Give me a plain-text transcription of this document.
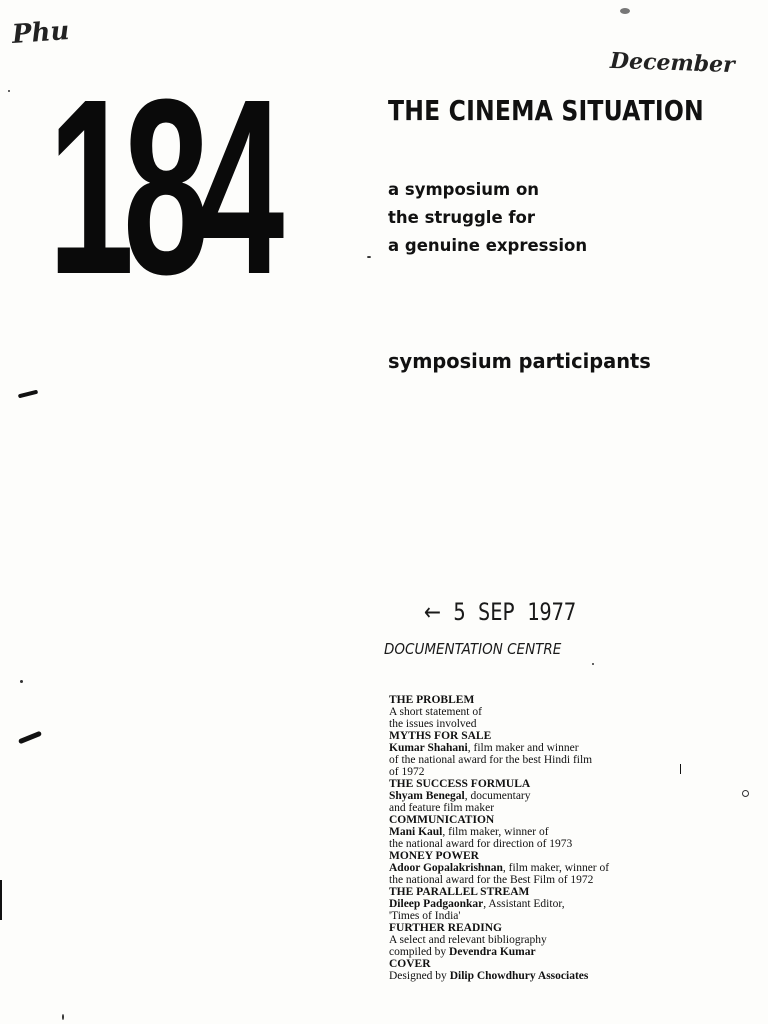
Phu
December
184	THE CINEMA SITUATION
a symposium on
the struggle for
a genuine expression
symposium participants
←  5 SEP 1977
DOCUMENTATION CENTRE
THE PROBLEM
A short statement of
the issues involved
MYTHS FOR SALE
Kumar Shahani, film maker and winner
of the national award for the best Hindi film
of 1972
THE SUCCESS FORMULA
Shyam Benegal, documentary
and feature film maker
COMMUNICATION
Mani Kaul, film maker, winner of
the national award for direction of 1973
MONEY POWER
Adoor Gopalakrishnan, film maker, winner of
the national award for the Best Film of 1972
THE PARALLEL STREAM
Dileep Padgaonkar, Assistant Editor,
'Times of India'
FURTHER READING
A select and relevant bibliography
compiled by Devendra Kumar
COVER
Designed by Dilip Chowdhury Associates
